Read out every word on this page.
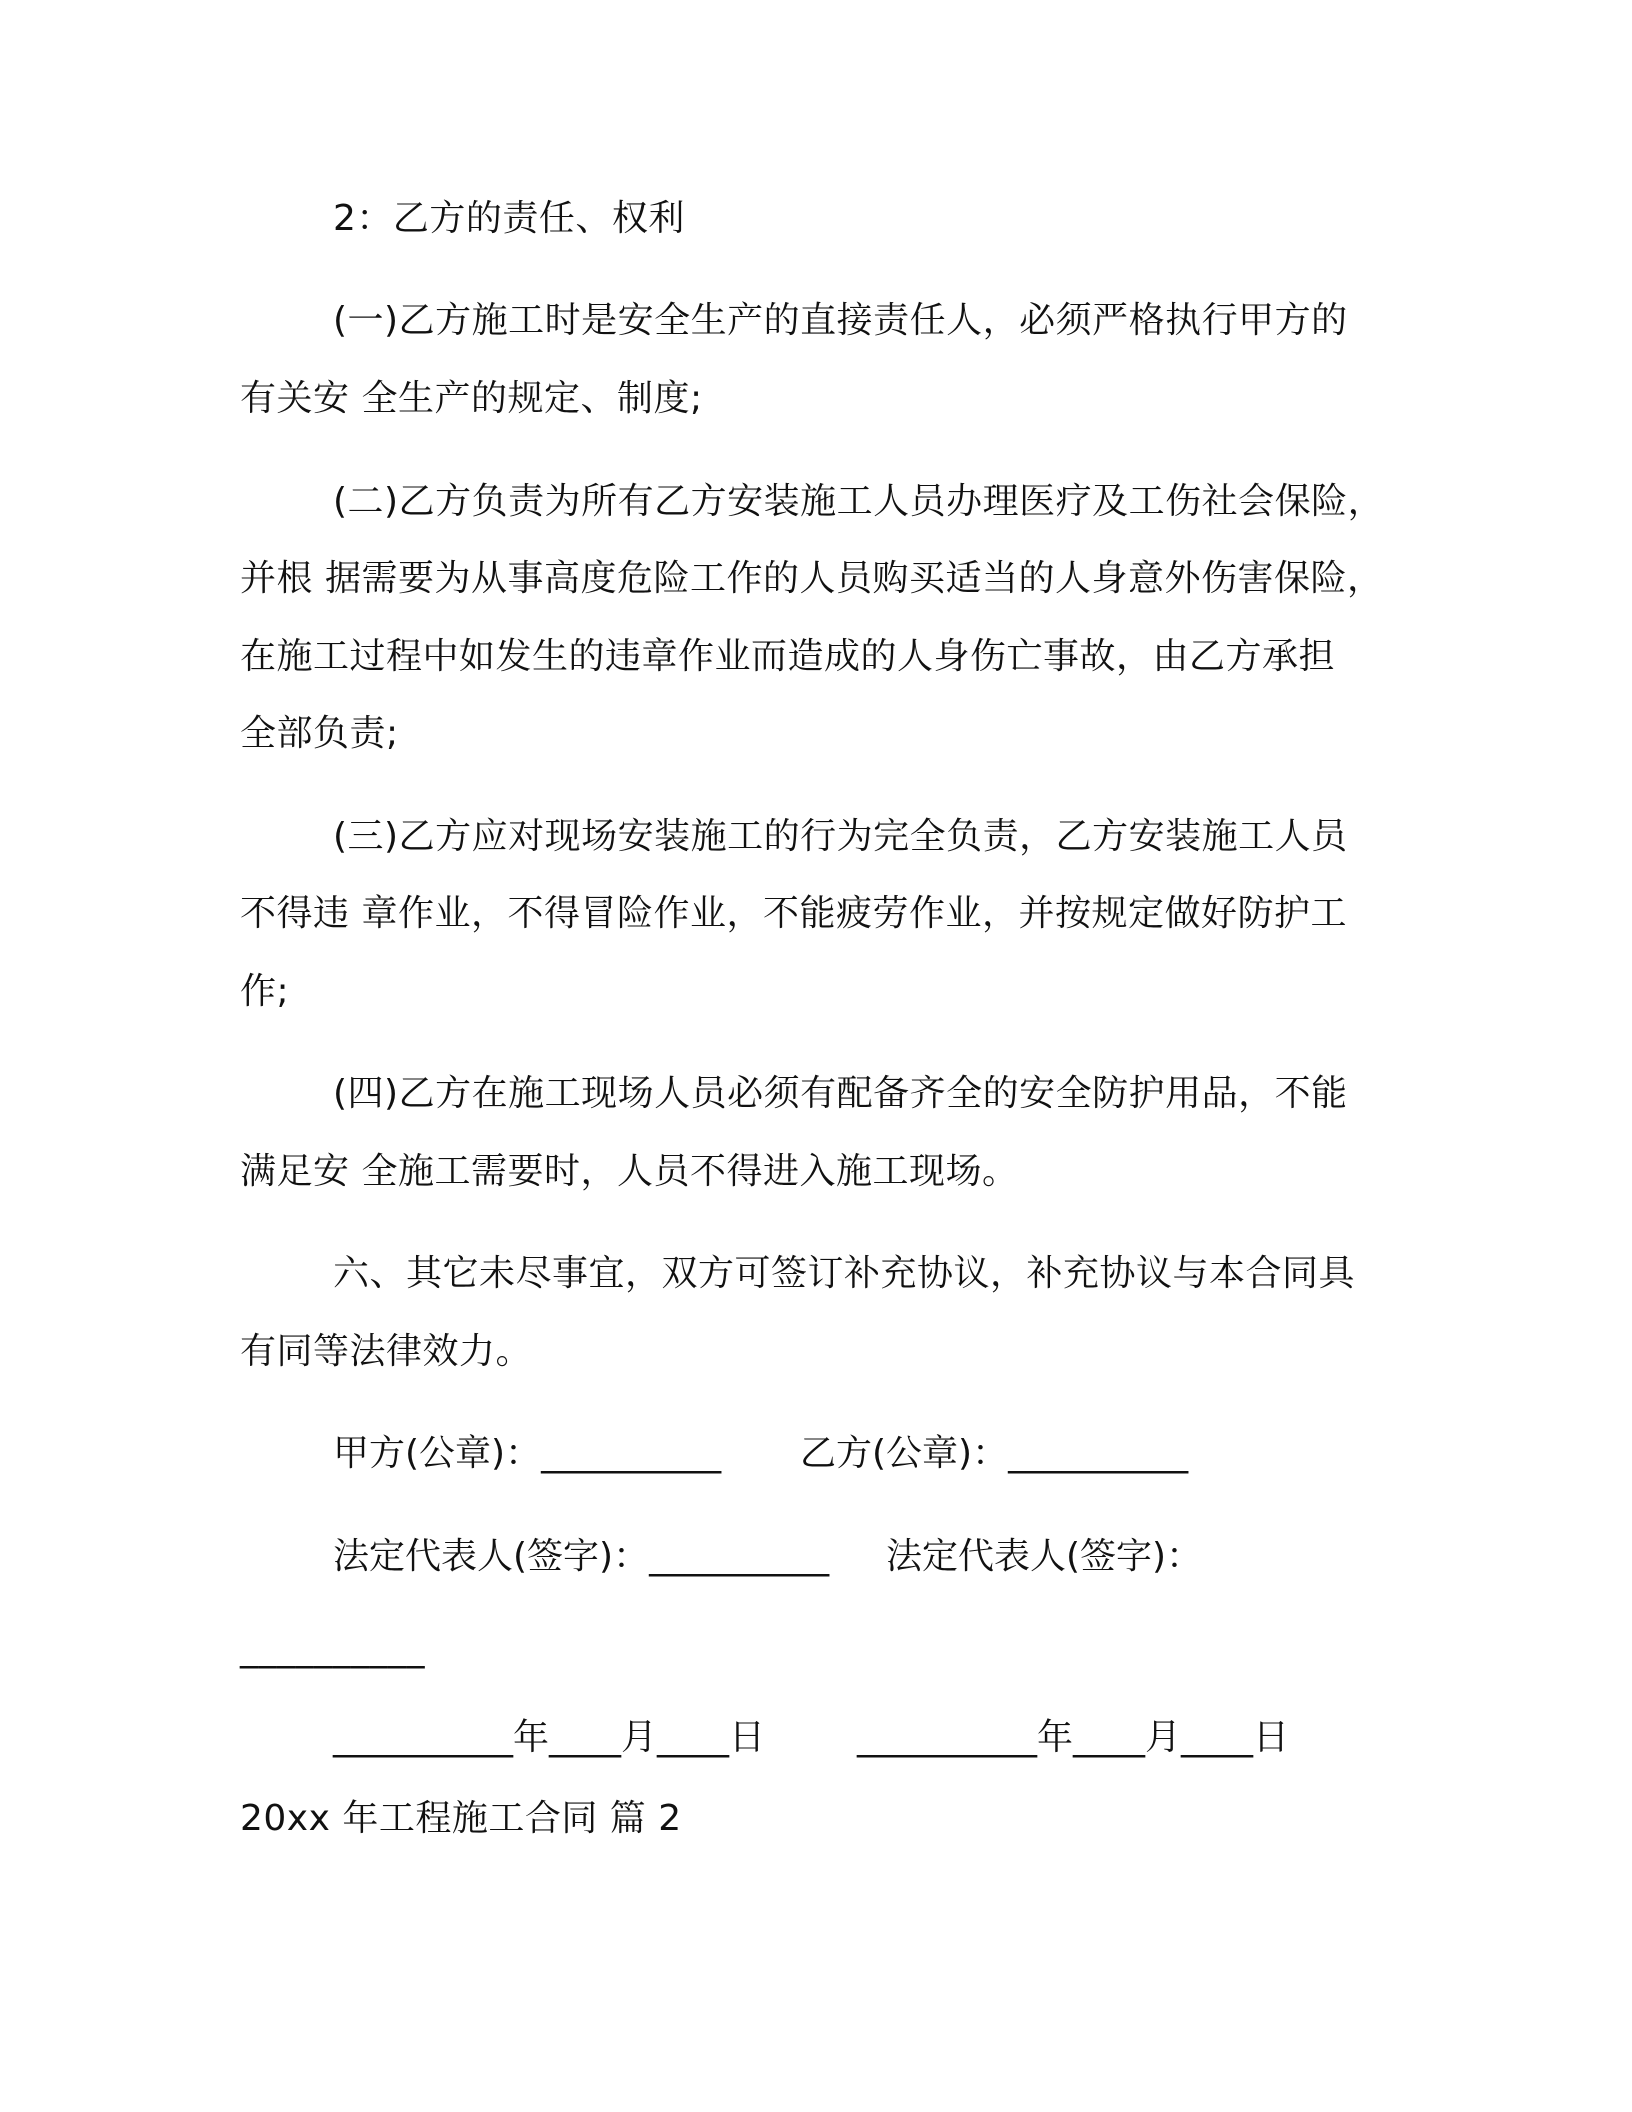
2：乙方的责任、权利
(一)乙方施工时是安全生产的直接责任人，必须严格执行甲方的
有关安 全生产的规定、制度;
(二)乙方负责为所有乙方安装施工人员办理医疗及工伤社会保险，
并根 据需要为从事高度危险工作的人员购买适当的人身意外伤害保险，
在施工过程中如发生的违章作业而造成的人身伤亡事故，由乙方承担
全部负责;
(三)乙方应对现场安装施工的行为完全负责，乙方安装施工人员
不得违 章作业，不得冒险作业，不能疲劳作业，并按规定做好防护工
作;
(四)乙方在施工现场人员必须有配备齐全的安全防护用品，不能
满足安 全施工需要时，人员不得进入施工现场。
六、其它未尽事宜，双方可签订补充协议，补充协议与本合同具
有同等法律效力。
甲方(公章)：__________ 乙方(公章)：__________
法定代表人(签字)：__________ 法定代表人(签字)：
__________
__________年____月____日	__________年____月____日
20xx 年工程施工合同 篇 2
